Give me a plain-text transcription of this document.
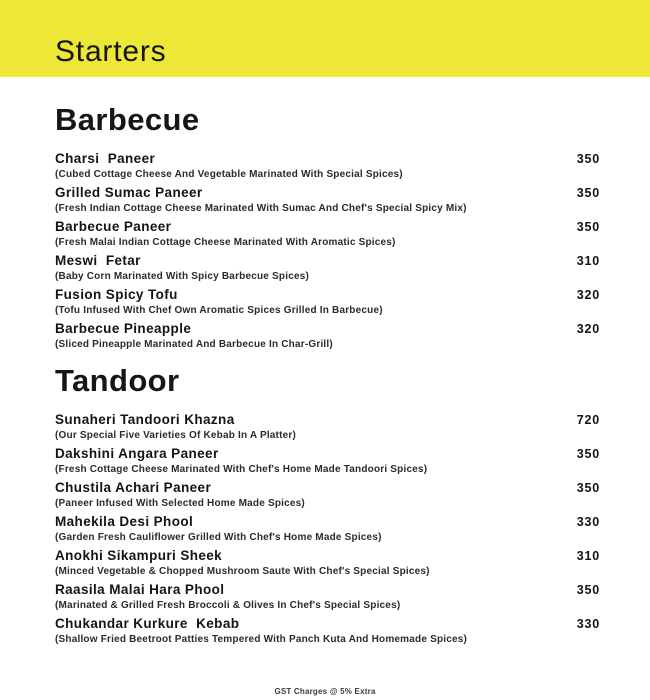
Starters
Barbecue
Charsi  Paneer	350
(Cubed Cottage Cheese And Vegetable Marinated With Special Spices)
Grilled Sumac Paneer	350
(Fresh Indian Cottage Cheese Marinated With Sumac And Chef's Special Spicy Mix)
Barbecue Paneer	350
(Fresh Malai Indian Cottage Cheese Marinated With Aromatic Spices)
Meswi  Fetar	310
(Baby Corn Marinated With Spicy Barbecue Spices)
Fusion Spicy Tofu	320
(Tofu Infused With Chef Own Aromatic Spices Grilled In Barbecue)
Barbecue Pineapple	320
(Sliced Pineapple Marinated And Barbecue In Char-Grill)
Tandoor
Sunaheri Tandoori Khazna	720
(Our Special Five Varieties Of Kebab In A Platter)
Dakshini Angara Paneer	350
(Fresh Cottage Cheese Marinated With Chef's Home Made Tandoori Spices)
Chustila Achari Paneer	350
(Paneer Infused With Selected Home Made Spices)
Mahekila Desi Phool	330
(Garden Fresh Cauliflower Grilled With Chef's Home Made Spices)
Anokhi Sikampuri Sheek	310
(Minced Vegetable & Chopped Mushroom Saute With Chef's Special Spices)
Raasila Malai Hara Phool	350
(Marinated & Grilled Fresh Broccoli & Olives In Chef's Special Spices)
Chukandar Kurkure  Kebab	330
(Shallow Fried Beetroot Patties Tempered With Panch Kuta And Homemade Spices)
GST Charges @ 5% Extra
